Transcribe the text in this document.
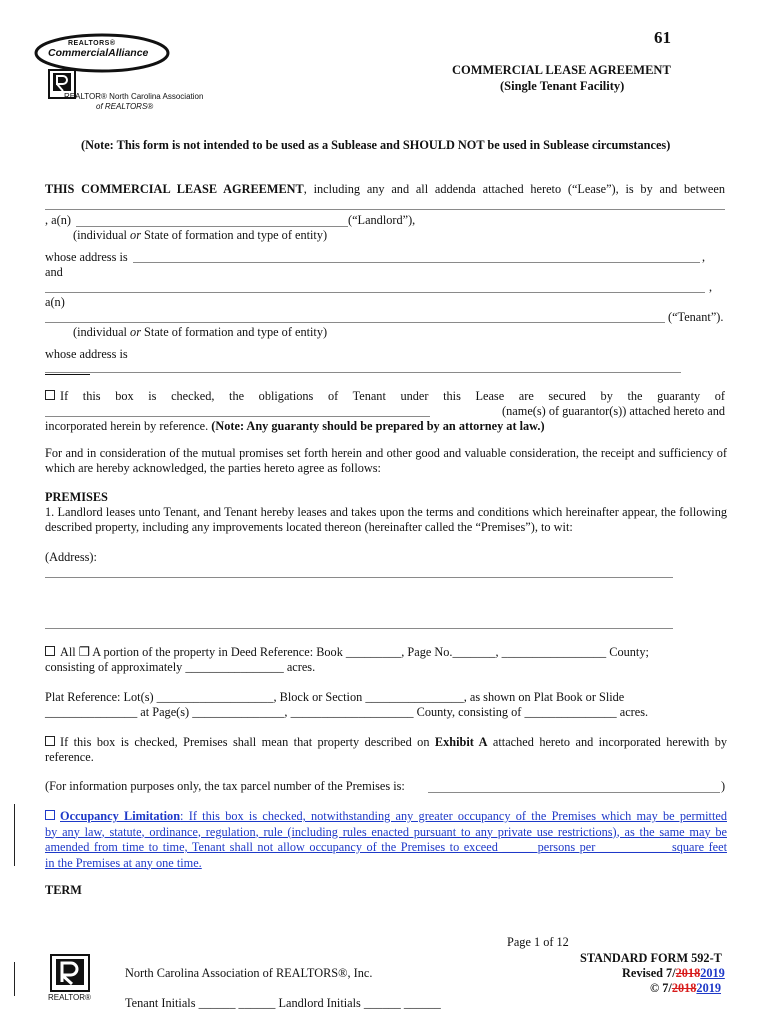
61
REALTORS®
CommercialAlliance
REALTOR® North Carolina Association
of REALTORS®
COMMERCIAL LEASE AGREEMENT
(Single Tenant Facility)
(Note: This form is not intended to be used as a Sublease and SHOULD NOT be used in Sublease circumstances)
THIS COMMERCIAL LEASE AGREEMENT, including any and all addenda attached hereto (“Lease”), is by and between
, a(n)	(“Landlord”),
(individual or State of formation and type of entity)
whose address is	,
and
,
a(n)
(“Tenant”).
(individual or State of formation and type of entity)
whose address is
If this box is checked, the obligations of Tenant under this Lease are secured by the guaranty of
(name(s) of guarantor(s)) attached hereto and
incorporated herein by reference. (Note: Any guaranty should be prepared by an attorney at law.)
For and in consideration of the mutual promises set forth herein and other good and valuable consideration, the receipt and sufficiency of which are hereby acknowledged, the parties hereto agree as follows:
PREMISES
1. Landlord leases unto Tenant, and Tenant hereby leases and takes upon the terms and conditions which hereinafter appear, the following described property, including any improvements located thereon (hereinafter called the “Premises”), to wit:
(Address):
All ❒ A portion of the property in Deed Reference: Book _________, Page No._______, _________________ County;
consisting of approximately ________________ acres.
Plat Reference: Lot(s) ___________________, Block or Section ________________, as shown on Plat Book or Slide
_______________ at Page(s) _______________, ____________________ County, consisting of _______________ acres.
If this box is checked, Premises shall mean that property described on Exhibit A attached hereto and incorporated herewith by reference.
(For information purposes only, the tax parcel number of the Premises is:	)
Occupancy Limitation: If this box is checked, notwithstanding any greater occupancy of the Premises which may be permitted
by any law, statute, ordinance, regulation, rule (including rules enacted pursuant to any private use restrictions), as the same may be
amended from time to time, Tenant shall not allow occupancy of the Premises to exceed _____ persons per ___________ square feet
in the Premises at any one time.
TERM
Page 1 of 12
REALTOR®
North Carolina Association of REALTORS®, Inc.
Tenant Initials ______ ______ Landlord Initials ______ ______
STANDARD FORM 592-T
Revised 7/20182019
© 7/20182019
